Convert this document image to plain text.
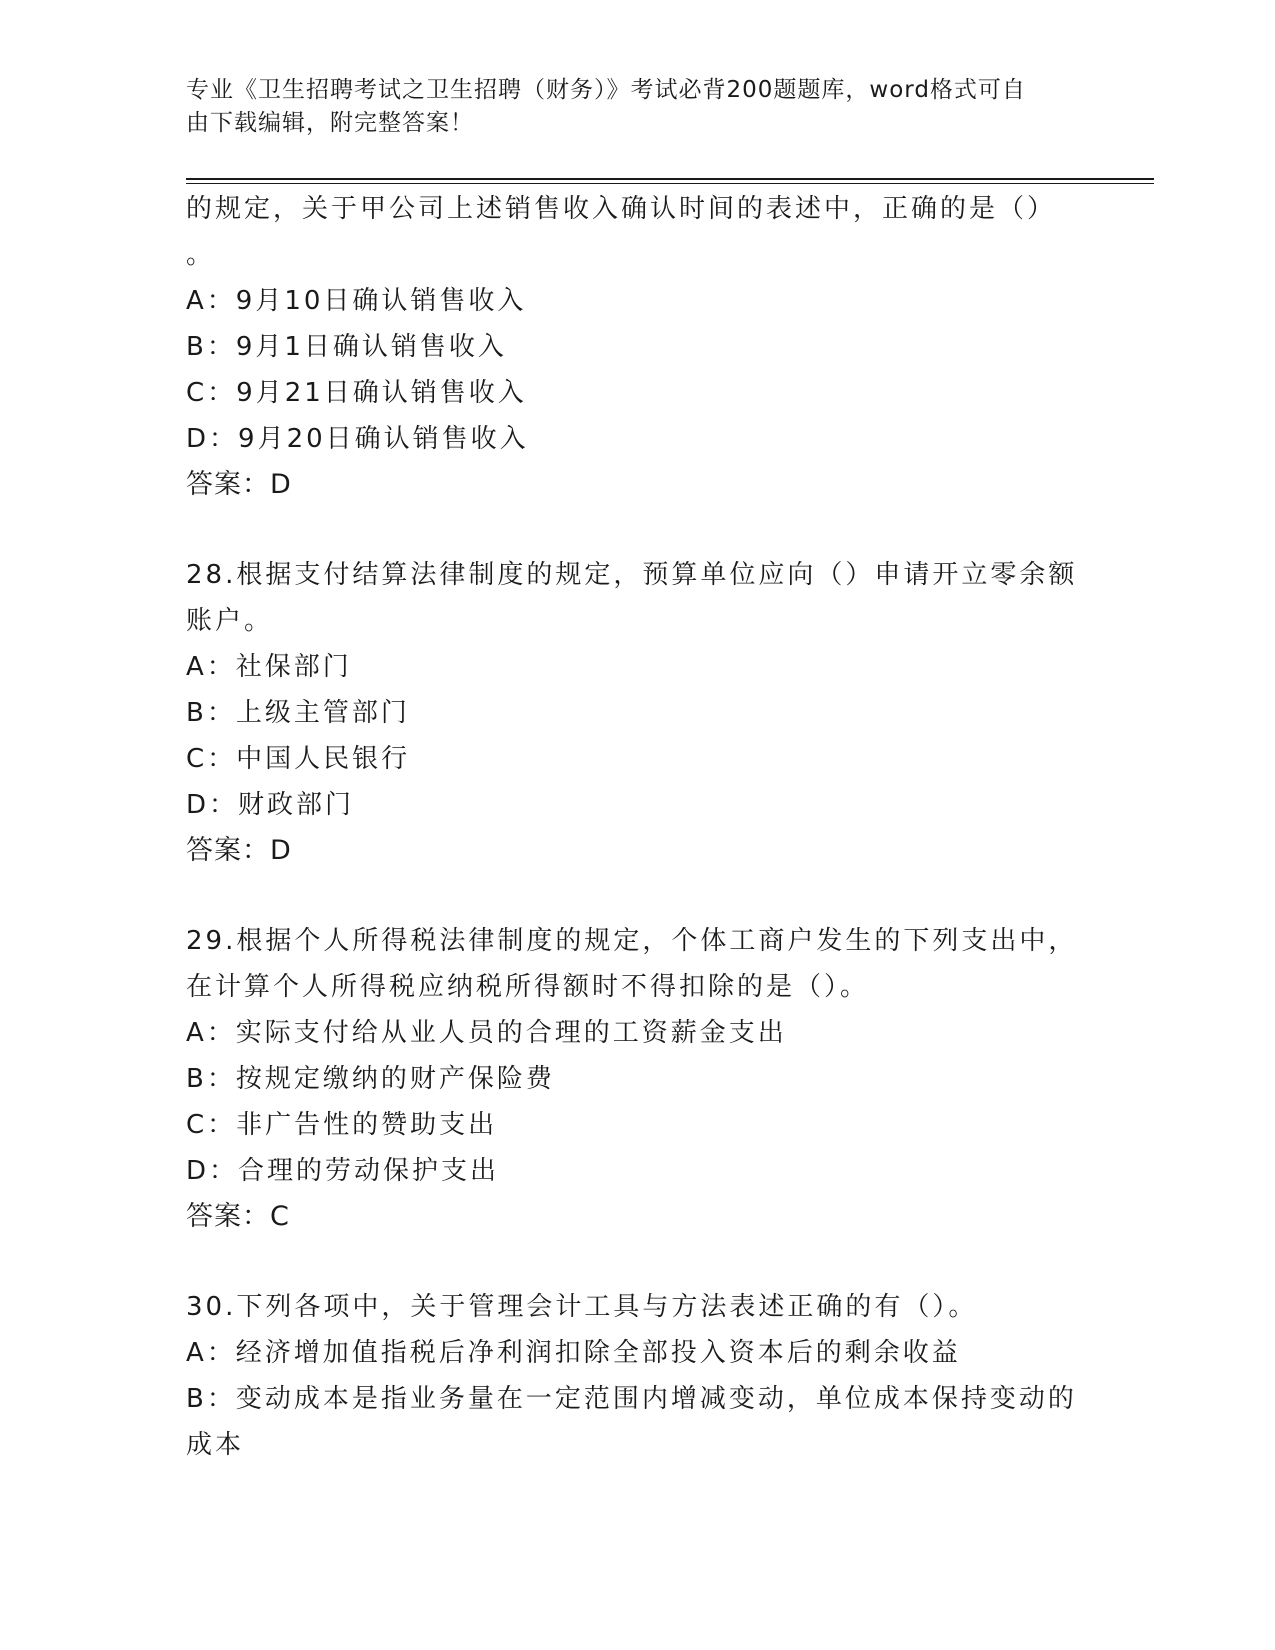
专业《卫生招聘考试之卫生招聘（财务）》考试必背200题题库，word格式可自
由下载编辑，附完整答案！
的规定，关于甲公司上述销售收入确认时间的表述中，正确的是（）
。
A：9月10日确认销售收入
B：9月1日确认销售收入
C：9月21日确认销售收入
D：9月20日确认销售收入
答案：D
28.根据支付结算法律制度的规定，预算单位应向（）申请开立零余额
账户。
A：社保部门
B：上级主管部门
C：中国人民银行
D：财政部门
答案：D
29.根据个人所得税法律制度的规定，个体工商户发生的下列支出中，
在计算个人所得税应纳税所得额时不得扣除的是（）。
A：实际支付给从业人员的合理的工资薪金支出
B：按规定缴纳的财产保险费
C：非广告性的赞助支出
D：合理的劳动保护支出
答案：C
30.下列各项中，关于管理会计工具与方法表述正确的有（）。
A：经济增加值指税后净利润扣除全部投入资本后的剩余收益
B：变动成本是指业务量在一定范围内增减变动，单位成本保持变动的
成本
